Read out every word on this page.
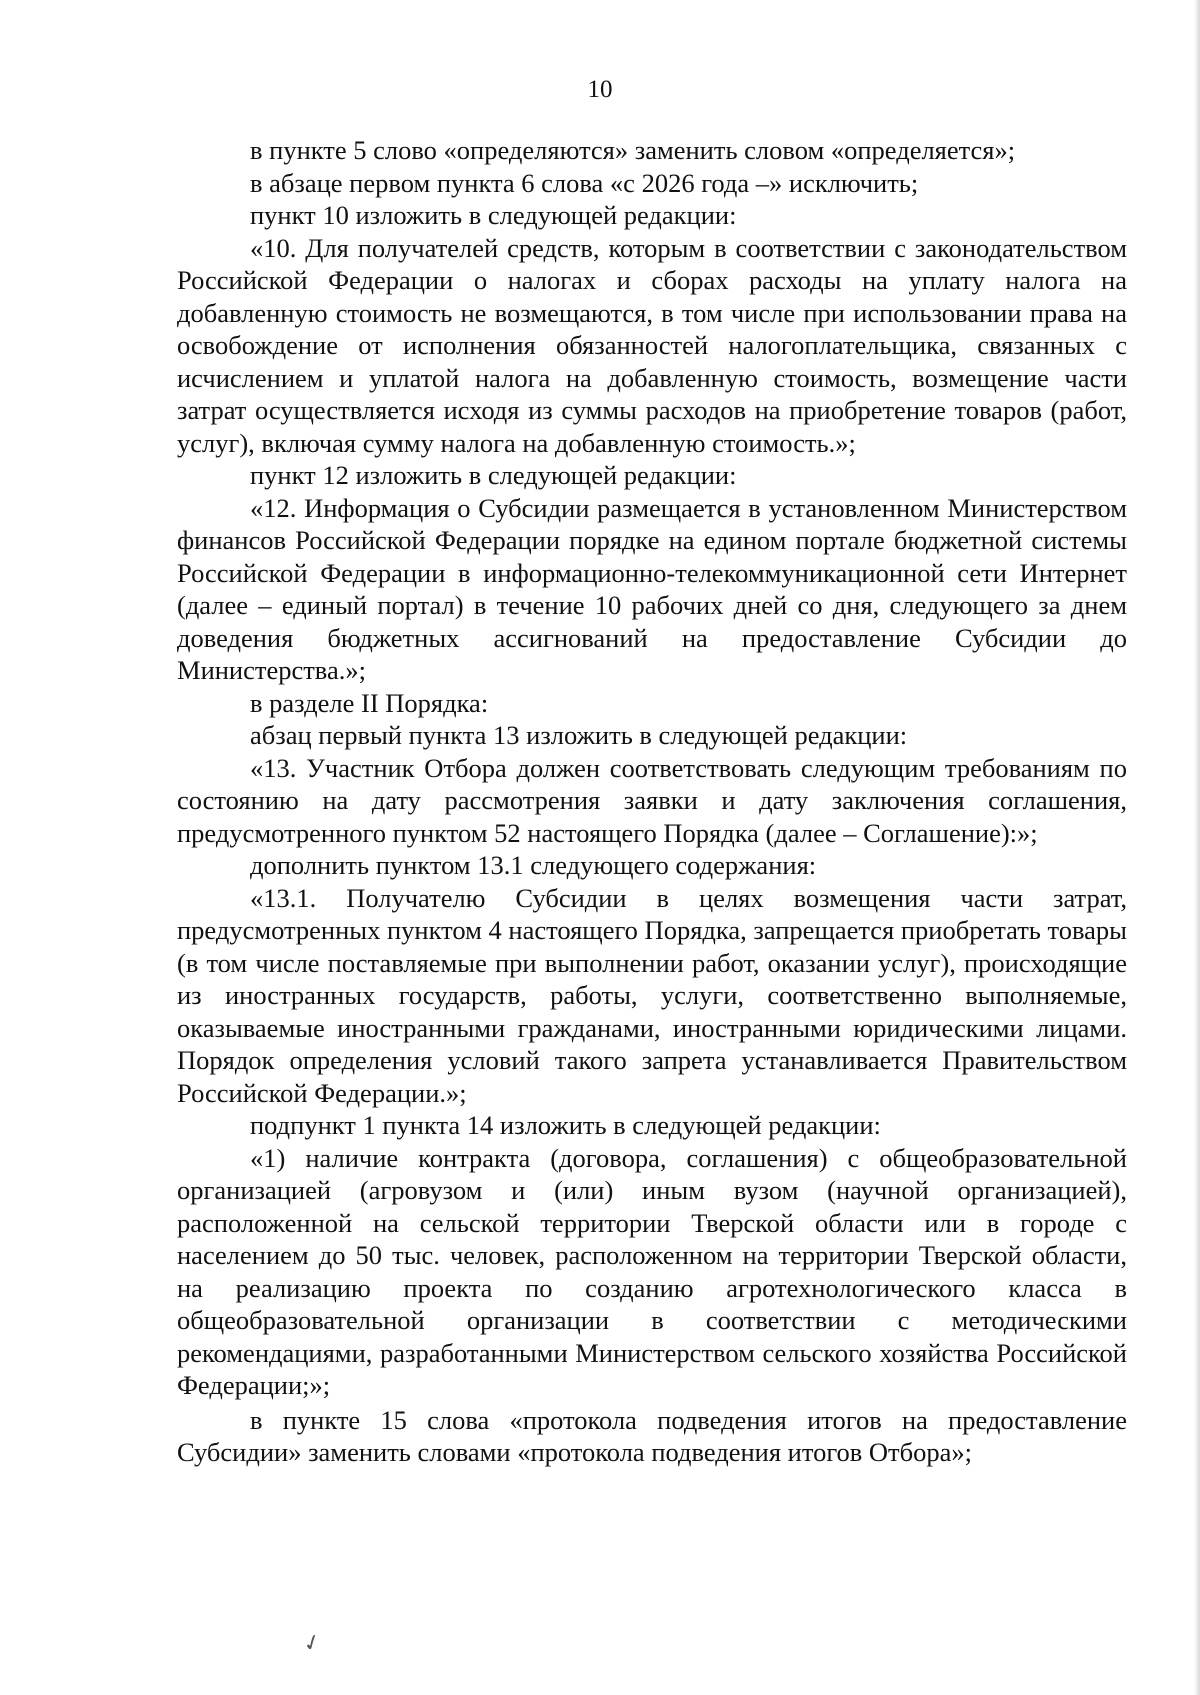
10

в пункте 5 слово «определяются» заменить словом «определяется»;

в абзаце первом пункта 6 слова «с 2026 года –» исключить;

пункт 10 изложить в следующей редакции:

«10. Для получателей средств, которым в соответствии с законодательством Российской Федерации о налогах и сборах расходы на уплату налога на добавленную стоимость не возмещаются, в том числе при использовании права на освобождение от исполнения обязанностей налогоплательщика, связанных с исчислением и уплатой налога на добавленную стоимость, возмещение части затрат осуществляется исходя из суммы расходов на приобретение товаров (работ, услуг), включая сумму налога на добавленную стоимость.»;

пункт 12 изложить в следующей редакции:

«12. Информация о Субсидии размещается в установленном Министерством финансов Российской Федерации порядке на едином портале бюджетной системы Российской Федерации в информационно-телекоммуникационной сети Интернет (далее – единый портал) в течение 10 рабочих дней со дня, следующего за днем доведения бюджетных ассигнований на предоставление Субсидии до Министерства.»;

в разделе II Порядка:

абзац первый пункта 13 изложить в следующей редакции:

«13. Участник Отбора должен соответствовать следующим требованиям по состоянию на дату рассмотрения заявки и дату заключения соглашения, предусмотренного пунктом 52 настоящего Порядка (далее – Соглашение):»;

дополнить пунктом 13.1 следующего содержания:

«13.1. Получателю Субсидии в целях возмещения части затрат, предусмотренных пунктом 4 настоящего Порядка, запрещается приобретать товары (в том числе поставляемые при выполнении работ, оказании услуг), происходящие из иностранных государств, работы, услуги, соответственно выполняемые, оказываемые иностранными гражданами, иностранными юридическими лицами. Порядок определения условий такого запрета устанавливается Правительством Российской Федерации.»;

подпункт 1 пункта 14 изложить в следующей редакции:

«1) наличие контракта (договора, соглашения) с общеобразовательной организацией (агровузом и (или) иным вузом (научной организацией), расположенной на сельской территории Тверской области или в городе с населением до 50 тыс. человек, расположенном на территории Тверской области, на реализацию проекта по созданию агротехнологического класса в общеобразовательной организации в соответствии с методическими рекомендациями, разработанными Министерством сельского хозяйства Российской Федерации;»;

в пункте 15 слова «протокола подведения итогов на предоставление Субсидии» заменить словами «протокола подведения итогов Отбора»;

✓
